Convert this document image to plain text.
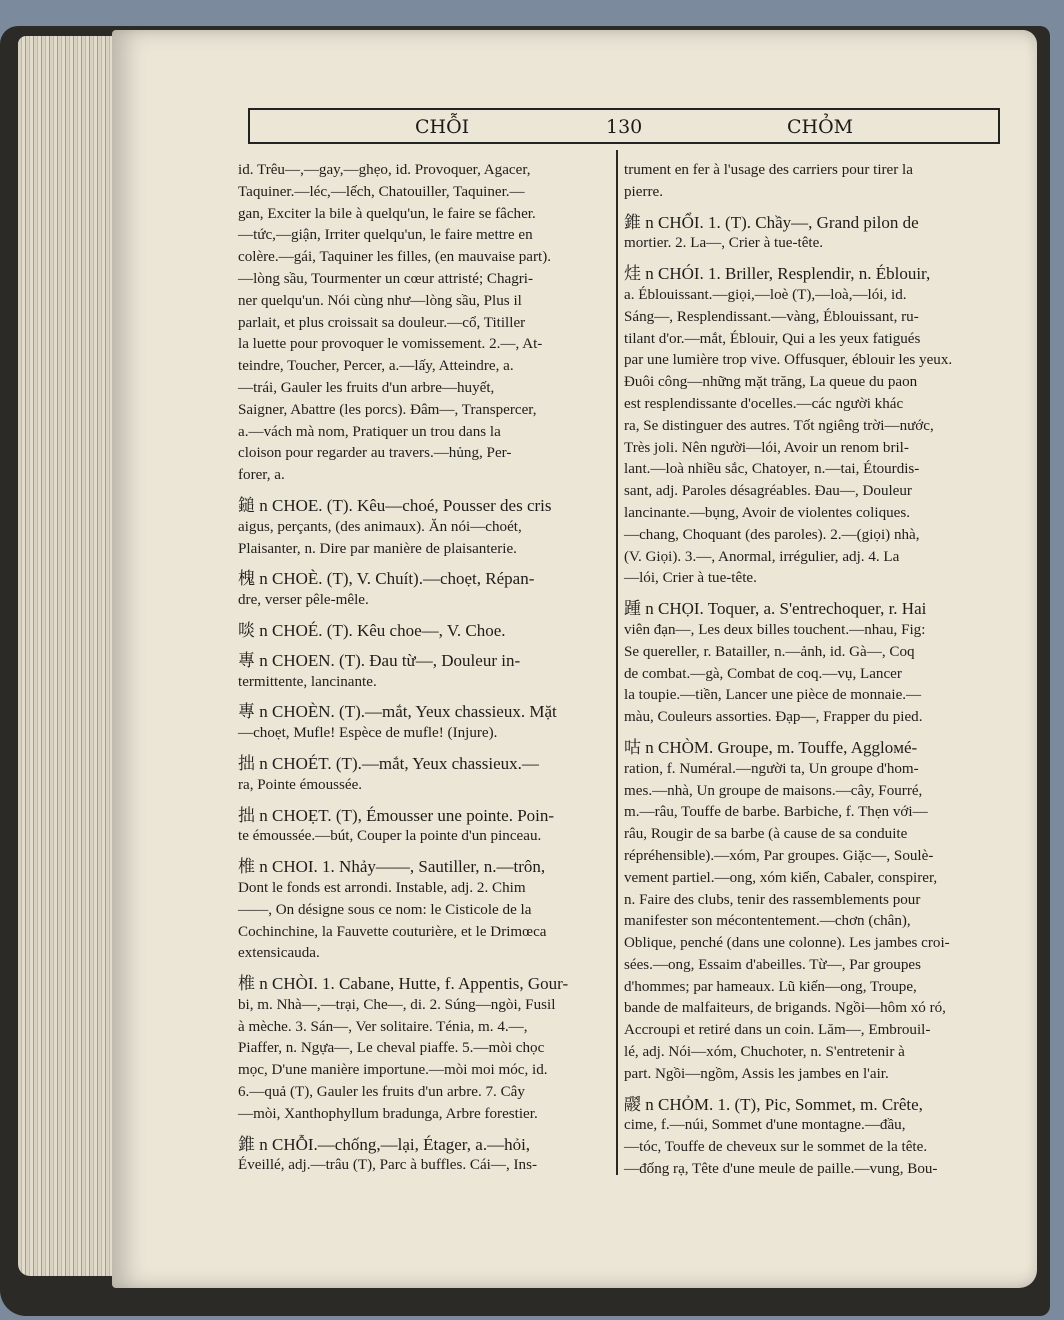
CHỖI	130	CHỎM
id. Trêu—,—gay,—ghẹo, id. Provoquer, Agacer,
Taquiner.—léc,—lếch, Chatouiller, Taquiner.—
gan, Exciter la bile à quelqu'un, le faire se fâcher.
—tức,—giận, Irriter quelqu'un, le faire mettre en
colère.—gái, Taquiner les filles, (en mauvaise part).
—lòng sầu, Tourmenter un cœur attristé; Chagri-
ner quelqu'un. Nói cùng như—lòng sầu, Plus il
parlait, et plus croissait sa douleur.—cổ, Titiller
la luette pour provoquer le vomissement. 2.—, At-
teindre, Toucher, Percer, a.—lấy, Atteindre, a.
—trái, Gauler les fruits d'un arbre—huyết,
Saigner, Abattre (les porcs). Đâm—, Transpercer,
a.—vách mà nom, Pratiquer un trou dans la
cloison pour regarder au travers.—hủng, Per-
forer, a.
鎚 n CHOE. (T). Kêu—choé, Pousser des cris
aigus, perçants, (des animaux). Ăn nói—choét,
Plaisanter, n. Dire par manière de plaisanterie.
槐 n CHOÈ. (T), V. Chuít).—choẹt, Répan-
dre, verser pêle-mêle.
啖 n CHOÉ. (T). Kêu choe—, V. Choe.
專 n CHOEN. (T). Đau từ—, Douleur in-
termittente, lancinante.
專 n CHOÈN. (T).—mắt, Yeux chassieux. Mặt
—choẹt, Mufle! Espèce de mufle! (Injure).
拙 n CHOÉT. (T).—mắt, Yeux chassieux.—
ra, Pointe émoussée.
拙 n CHOẸT. (T), Émousser une pointe. Poin-
te émoussée.—bút, Couper la pointe d'un pinceau.
椎 n CHOI. 1. Nhảy——, Sautiller, n.—trôn,
Dont le fonds est arrondi. Instable, adj. 2. Chim
——, On désigne sous ce nom: le Cisticole de la
Cochinchine, la Fauvette couturière, et le Drimœca
extensicauda.
椎 n CHÒI. 1. Cabane, Hutte, f. Appentis, Gour-
bi, m. Nhà—,—trại, Che—, di. 2. Súng—ngòi, Fusil
à mèche. 3. Sán—, Ver solitaire. Ténia, m. 4.—,
Piaffer, n. Ngựa—, Le cheval piaffe. 5.—mòi chọc
mọc, D'une manière importune.—mòi moi móc, id.
6.—quả (T), Gauler les fruits d'un arbre. 7. Cây
—mòi, Xanthophyllum bradunga, Arbre forestier.
錐 n CHỖI.—chống,—lại, Étager, a.—hỏi,
Éveillé, adj.—trâu (T), Parc à buffles. Cái—, Ins-
trument en fer à l'usage des carriers pour tirer la
pierre.
錐 n CHỔI. 1. (T). Chầy—, Grand pilon de
mortier. 2. La—, Crier à tue-tête.
烓 n CHÓI. 1. Briller, Resplendir, n. Éblouir,
a. Éblouissant.—giọi,—loè (T),—loà,—lói, id.
Sáng—, Resplendissant.—vàng, Éblouissant, ru-
tilant d'or.—mắt, Éblouir, Qui a les yeux fatigués
par une lumière trop vive. Offusquer, éblouir les yeux.
Đuôi công—những mặt trăng, La queue du paon
est resplendissante d'ocelles.—các người khác
ra, Se distinguer des autres. Tốt ngiêng trời—nước,
Très joli. Nên người—lói, Avoir un renom bril-
lant.—loà nhiều sắc, Chatoyer, n.—tai, Étourdis-
sant, adj. Paroles désagréables. Đau—, Douleur
lancinante.—bụng, Avoir de violentes coliques.
—chang, Choquant (des paroles). 2.—(giọi) nhà,
(V. Giọi). 3.—, Anormal, irrégulier, adj. 4. La
—lói, Crier à tue-tête.
踵 n CHỌI. Toquer, a. S'entrechoquer, r. Hai
viên đạn—, Les deux billes touchent.—nhau, Fig:
Se quereller, r. Batailler, n.—ảnh, id. Gà—, Coq
de combat.—gà, Combat de coq.—vụ, Lancer
la toupie.—tiền, Lancer une pièce de monnaie.—
màu, Couleurs assorties. Đạp—, Frapper du pied.
咕 n CHÒM. Groupe, m. Touffe, Aggloмé-
ration, f. Numéral.—người ta, Un groupe d'hom-
mes.—nhà, Un groupe de maisons.—cây, Fourré,
m.—râu, Touffe de barbe. Barbiche, f. Thẹn với—
râu, Rougir de sa barbe (à cause de sa conduite
répréhensible).—xóm, Par groupes. Giặc—, Soulè-
vement partiel.—ong, xóm kiến, Cabaler, conspirer,
n. Faire des clubs, tenir des rassemblements pour
manifester son mécontentement.—chơn (chân),
Oblique, penché (dans une colonne). Les jambes croi-
sées.—ong, Essaim d'abeilles. Từ—, Par groupes
d'hommes; par hameaux. Lũ kiến—ong, Troupe,
bande de malfaiteurs, de brigands. Ngồi—hôm xó ró,
Accroupi et retiré dans un coin. Lăm—, Embrouil-
lé, adj. Nói—xóm, Chuchoter, n. S'entretenir à
part. Ngồi—ngồm, Assis les jambes en l'air.
鬷 n CHỎM. 1. (T), Pic, Sommet, m. Crête,
cime, f.—núi, Sommet d'une montagne.—đầu,
—tóc, Touffe de cheveux sur le sommet de la tête.
—đống rạ, Tête d'une meule de paille.—vung, Bou-
